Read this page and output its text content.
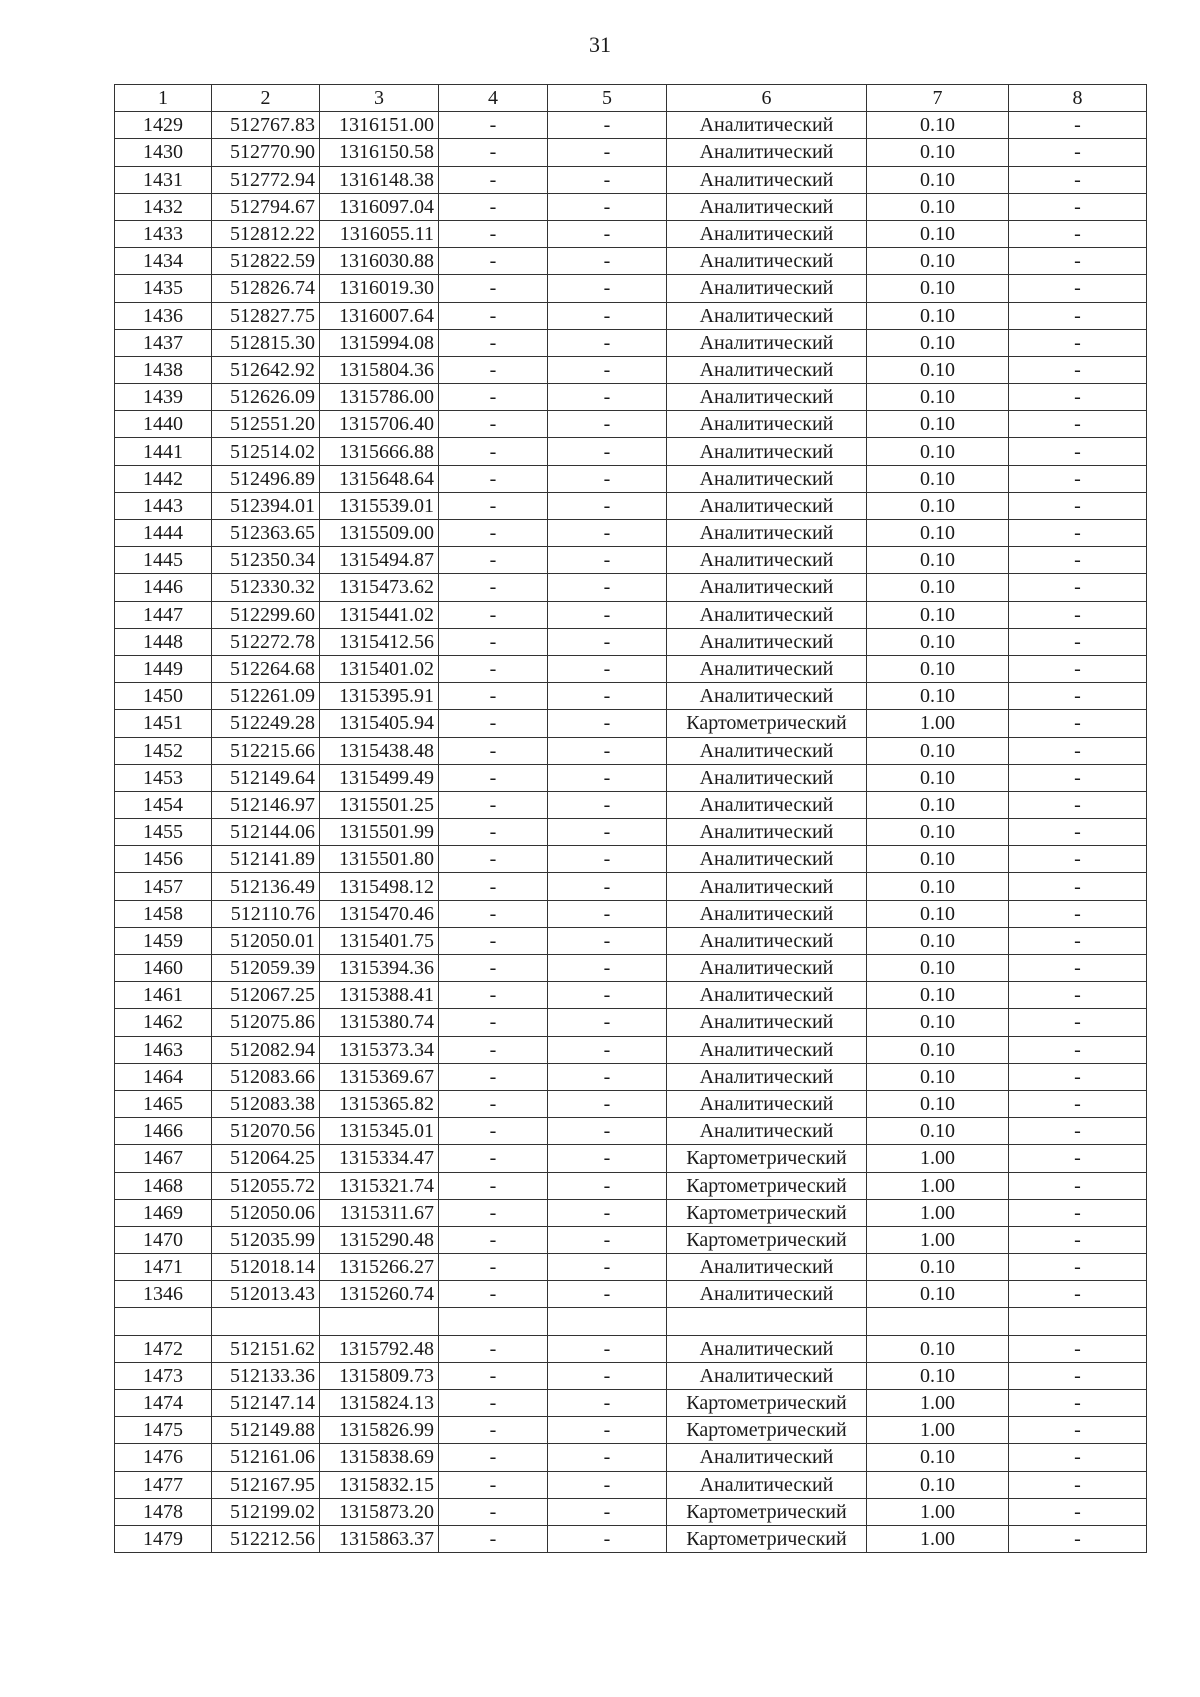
31
1	2	3	4	5	6	7	8
1429	512767.83	1316151.00	-	-	Аналитический	0.10	-
1430	512770.90	1316150.58	-	-	Аналитический	0.10	-
1431	512772.94	1316148.38	-	-	Аналитический	0.10	-
1432	512794.67	1316097.04	-	-	Аналитический	0.10	-
1433	512812.22	1316055.11	-	-	Аналитический	0.10	-
1434	512822.59	1316030.88	-	-	Аналитический	0.10	-
1435	512826.74	1316019.30	-	-	Аналитический	0.10	-
1436	512827.75	1316007.64	-	-	Аналитический	0.10	-
1437	512815.30	1315994.08	-	-	Аналитический	0.10	-
1438	512642.92	1315804.36	-	-	Аналитический	0.10	-
1439	512626.09	1315786.00	-	-	Аналитический	0.10	-
1440	512551.20	1315706.40	-	-	Аналитический	0.10	-
1441	512514.02	1315666.88	-	-	Аналитический	0.10	-
1442	512496.89	1315648.64	-	-	Аналитический	0.10	-
1443	512394.01	1315539.01	-	-	Аналитический	0.10	-
1444	512363.65	1315509.00	-	-	Аналитический	0.10	-
1445	512350.34	1315494.87	-	-	Аналитический	0.10	-
1446	512330.32	1315473.62	-	-	Аналитический	0.10	-
1447	512299.60	1315441.02	-	-	Аналитический	0.10	-
1448	512272.78	1315412.56	-	-	Аналитический	0.10	-
1449	512264.68	1315401.02	-	-	Аналитический	0.10	-
1450	512261.09	1315395.91	-	-	Аналитический	0.10	-
1451	512249.28	1315405.94	-	-	Картометрический	1.00	-
1452	512215.66	1315438.48	-	-	Аналитический	0.10	-
1453	512149.64	1315499.49	-	-	Аналитический	0.10	-
1454	512146.97	1315501.25	-	-	Аналитический	0.10	-
1455	512144.06	1315501.99	-	-	Аналитический	0.10	-
1456	512141.89	1315501.80	-	-	Аналитический	0.10	-
1457	512136.49	1315498.12	-	-	Аналитический	0.10	-
1458	512110.76	1315470.46	-	-	Аналитический	0.10	-
1459	512050.01	1315401.75	-	-	Аналитический	0.10	-
1460	512059.39	1315394.36	-	-	Аналитический	0.10	-
1461	512067.25	1315388.41	-	-	Аналитический	0.10	-
1462	512075.86	1315380.74	-	-	Аналитический	0.10	-
1463	512082.94	1315373.34	-	-	Аналитический	0.10	-
1464	512083.66	1315369.67	-	-	Аналитический	0.10	-
1465	512083.38	1315365.82	-	-	Аналитический	0.10	-
1466	512070.56	1315345.01	-	-	Аналитический	0.10	-
1467	512064.25	1315334.47	-	-	Картометрический	1.00	-
1468	512055.72	1315321.74	-	-	Картометрический	1.00	-
1469	512050.06	1315311.67	-	-	Картометрический	1.00	-
1470	512035.99	1315290.48	-	-	Картометрический	1.00	-
1471	512018.14	1315266.27	-	-	Аналитический	0.10	-
1346	512013.43	1315260.74	-	-	Аналитический	0.10	-

1472	512151.62	1315792.48	-	-	Аналитический	0.10	-
1473	512133.36	1315809.73	-	-	Аналитический	0.10	-
1474	512147.14	1315824.13	-	-	Картометрический	1.00	-
1475	512149.88	1315826.99	-	-	Картометрический	1.00	-
1476	512161.06	1315838.69	-	-	Аналитический	0.10	-
1477	512167.95	1315832.15	-	-	Аналитический	0.10	-
1478	512199.02	1315873.20	-	-	Картометрический	1.00	-
1479	512212.56	1315863.37	-	-	Картометрический	1.00	-
